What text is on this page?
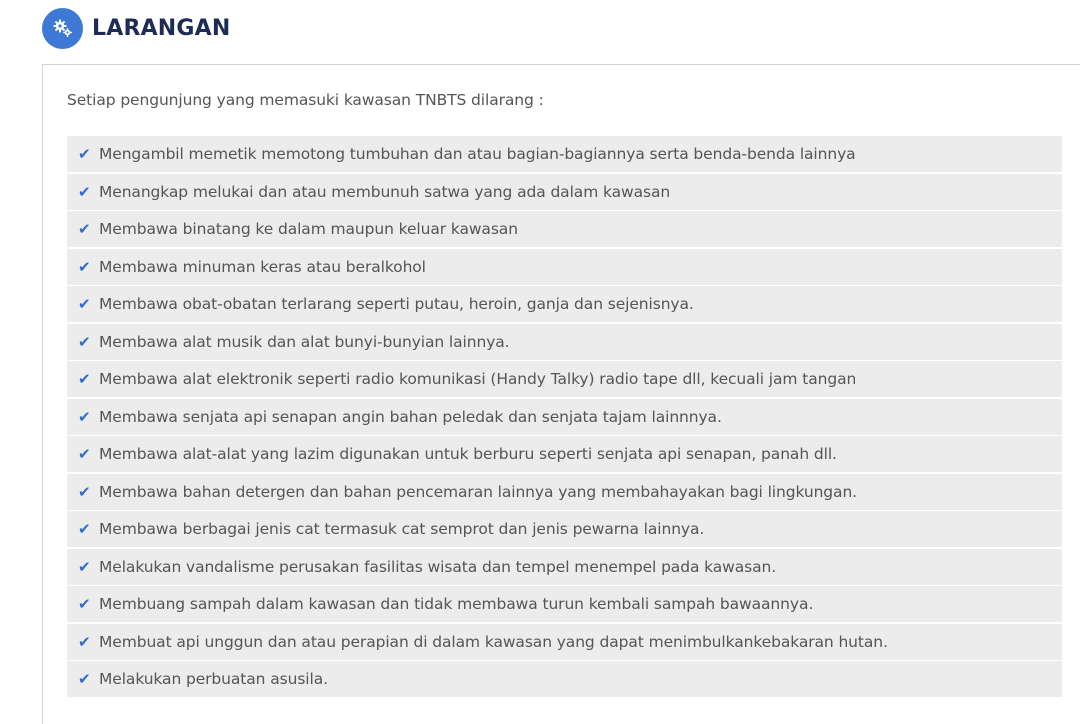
LARANGAN

Setiap pengunjung yang memasuki kawasan TNBTS dilarang :

✔ Mengambil memetik memotong tumbuhan dan atau bagian-bagiannya serta benda-benda lainnya
✔ Menangkap melukai dan atau membunuh satwa yang ada dalam kawasan
✔ Membawa binatang ke dalam maupun keluar kawasan
✔ Membawa minuman keras atau beralkohol
✔ Membawa obat-obatan terlarang seperti putau, heroin, ganja dan sejenisnya.
✔ Membawa alat musik dan alat bunyi-bunyian lainnya.
✔ Membawa alat elektronik seperti radio komunikasi (Handy Talky) radio tape dll, kecuali jam tangan
✔ Membawa senjata api senapan angin bahan peledak dan senjata tajam lainnnya.
✔ Membawa alat-alat yang lazim digunakan untuk berburu seperti senjata api senapan, panah dll.
✔ Membawa bahan detergen dan bahan pencemaran lainnya yang membahayakan bagi lingkungan.
✔ Membawa berbagai jenis cat termasuk cat semprot dan jenis pewarna lainnya.
✔ Melakukan vandalisme perusakan fasilitas wisata dan tempel menempel pada kawasan.
✔ Membuang sampah dalam kawasan dan tidak membawa turun kembali sampah bawaannya.
✔ Membuat api unggun dan atau perapian di dalam kawasan yang dapat menimbulkankebakaran hutan.
✔ Melakukan perbuatan asusila.
